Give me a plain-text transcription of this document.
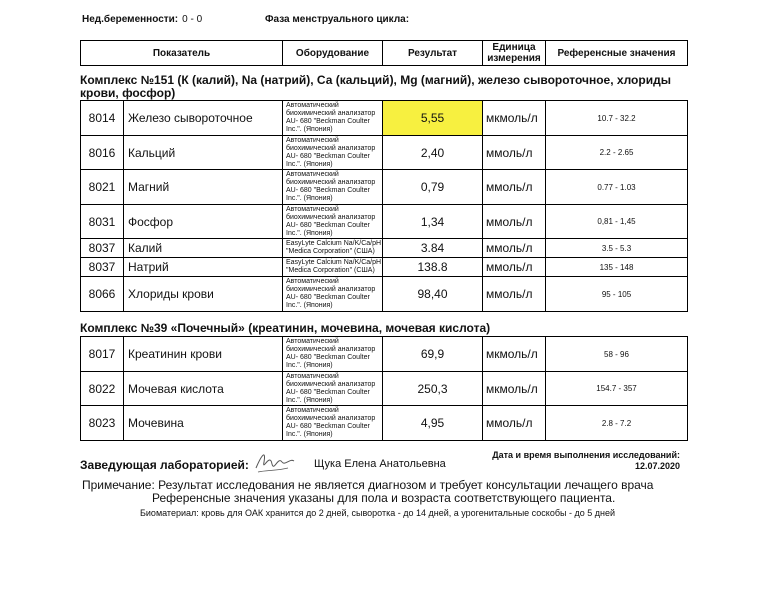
Нед.беременности: 0 - 0	Фаза менструального цикла:
Показатель	Оборудование	Результат	Единица измерения	Референсные значения
Комплекс №151 (К (калий), Na (натрий), Са (кальций), Mg (магний), железо сывороточное, хлориды крови, фосфор)
8014	Железо сывороточное	Автоматический биохимический анализатор AU- 680 "Beckman Coulter Inc.". (Япония)	5,55	мкмоль/л	10.7 - 32.2
8016	Кальций	Автоматический биохимический анализатор AU- 680 "Beckman Coulter Inc.". (Япония)	2,40	ммоль/л	2.2 - 2.65
8021	Магний	Автоматический биохимический анализатор AU- 680 "Beckman Coulter Inc.". (Япония)	0,79	ммоль/л	0.77 - 1.03
8031	Фосфор	Автоматический биохимический анализатор AU- 680 "Beckman Coulter Inc.". (Япония)	1,34	ммоль/л	0,81 - 1,45
8037	Калий	EasyLyte Calcium Na/K/Ca/pH "Medica Corporation" (США)	3.84	ммоль/л	3.5 - 5.3
8037	Натрий	EasyLyte Calcium Na/K/Ca/pH "Medica Corporation" (США)	138.8	ммоль/л	135 - 148
8066	Хлориды крови	Автоматический биохимический анализатор AU- 680 "Beckman Coulter Inc.". (Япония)	98,40	ммоль/л	95 - 105
Комплекс №39 «Почечный» (креатинин, мочевина, мочевая кислота)
8017	Креатинин крови	Автоматический биохимический анализатор AU- 680 "Beckman Coulter Inc.". (Япония)	69,9	мкмоль/л	58 - 96
8022	Мочевая кислота	Автоматический биохимический анализатор AU- 680 "Beckman Coulter Inc.". (Япония)	250,3	мкмоль/л	154.7 - 357
8023	Мочевина	Автоматический биохимический анализатор AU- 680 "Beckman Coulter Inc.". (Япония)	4,95	ммоль/л	2.8 - 7.2
Заведующая лабораторией:	Щука Елена Анатольевна
Дата и время выполнения исследований:
12.07.2020
Примечание: Результат исследования не является диагнозом и требует консультации лечащего врача
Референсные значения указаны для пола и возраста соответствующего пациента.
Биоматериал: кровь для ОАК хранится до 2 дней, сыворотка - до 14 дней, а урогенитальные соскобы - до 5 дней
